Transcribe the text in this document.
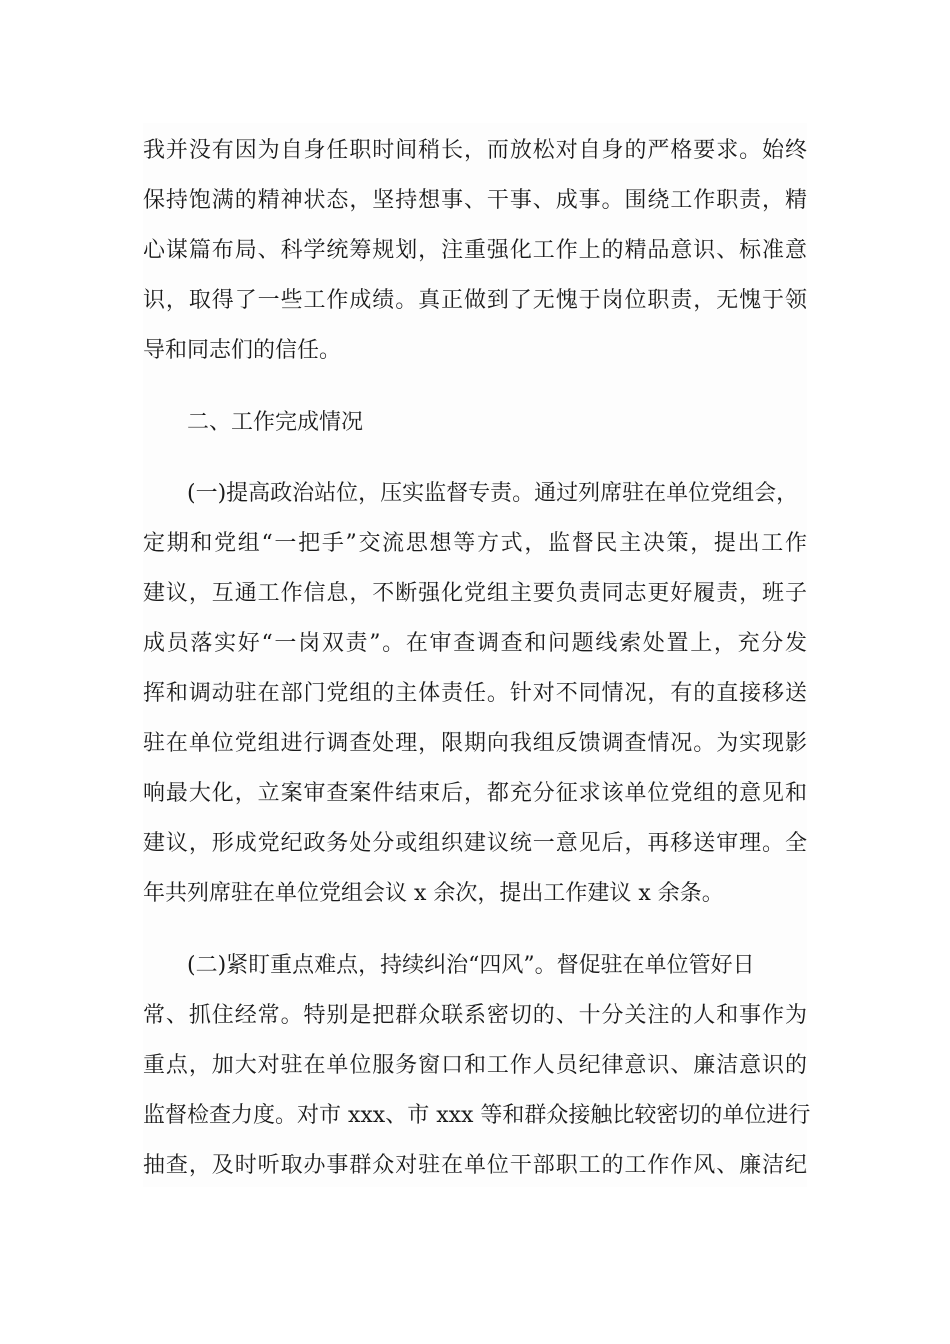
我并没有因为自身任职时间稍长，而放松对自身的严格要求。始终
保持饱满的精神状态，坚持想事、干事、成事。围绕工作职责，精
心谋篇布局、科学统筹规划，注重强化工作上的精品意识、标准意
识，取得了一些工作成绩。真正做到了无愧于岗位职责，无愧于领
导和同志们的信任。
二、工作完成情况
(一)提高政治站位，压实监督专责。通过列席驻在单位党组会，
定期和党组“一把手”交流思想等方式，监督民主决策，提出工作
建议，互通工作信息，不断强化党组主要负责同志更好履责，班子
成员落实好“一岗双责”。在审查调查和问题线索处置上，充分发
挥和调动驻在部门党组的主体责任。针对不同情况，有的直接移送
驻在单位党组进行调查处理，限期向我组反馈调查情况。为实现影
响最大化，立案审查案件结束后，都充分征求该单位党组的意见和
建议，形成党纪政务处分或组织建议统一意见后，再移送审理。全
年共列席驻在单位党组会议 x 余次，提出工作建议 x 余条。
(二)紧盯重点难点，持续纠治“四风”。督促驻在单位管好日
常、抓住经常。特别是把群众联系密切的、十分关注的人和事作为
重点，加大对驻在单位服务窗口和工作人员纪律意识、廉洁意识的
监督检查力度。对市 xxx、市 xxx 等和群众接触比较密切的单位进行
抽查，及时听取办事群众对驻在单位干部职工的工作作风、廉洁纪
